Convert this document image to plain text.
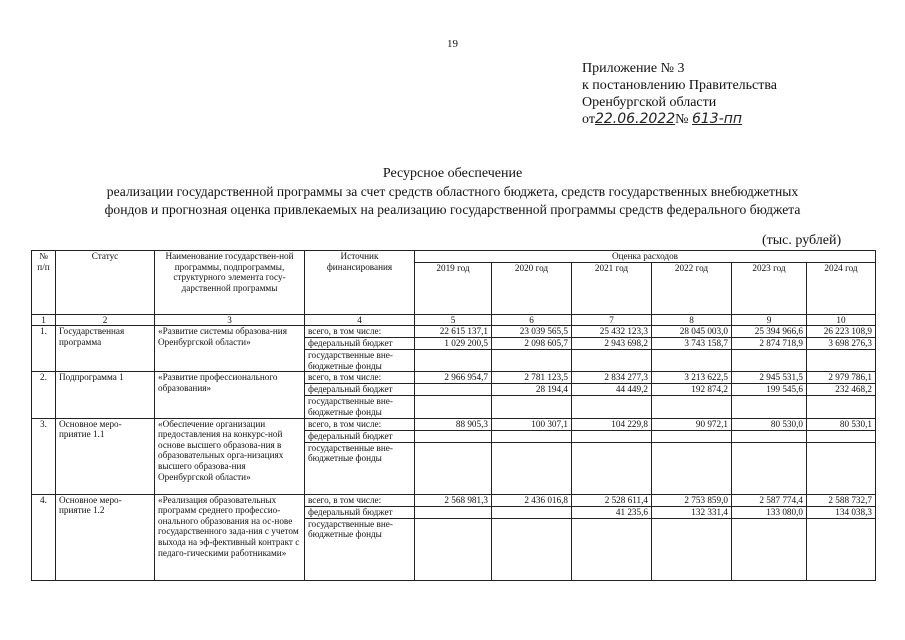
19
Приложение № 3
к постановлению Правительства
Оренбургской области
от22.06.2022№ 613-пп
Ресурсное обеспечение
реализации государственной программы за счет средств областного бюджета, средств государственных внебюджетных
фондов и прогнозная оценка привлекаемых на реализацию государственной программы средств федерального бюджета
(тыс. рублей)
№ п/п	Статус	Наименование государствен-ной программы, подпрограммы, структурного элемента госу-дарственной программы	Источник финансирования	Оценка расходов					
				2019 год	2020 год	2021 год	2022 год	2023 год	2024 год
1	2	3	4	5	6	7	8	9	10
1.	Государственная программа	«Развитие системы образова-ния Оренбургской области»	всего, в том числе:	22 615 137,1	23 039 565,5	25 432 123,3	28 045 003,0	25 394 966,6	26 223 108,9
			федеральный бюджет	1 029 200,5	2 098 605,7	2 943 698,2	3 743 158,7	2 874 718,9	3 698 276,3
			государственные вне-бюджетные фонды						
2.	Подпрограмма 1	«Развитие профессионального образования»	всего, в том числе:	2 966 954,7	2 781 123,5	2 834 277,3	3 213 622,5	2 945 531,5	2 979 786,1
			федеральный бюджет		28 194,4	44 449,2	192 874,2	199 545,6	232 468,2
			государственные вне-бюджетные фонды						
3.	Основное меро-приятие 1.1	«Обеспечение организации предоставления на конкурс-ной основе высшего образова-ния в образовательных орга-низациях высшего образова-ния Оренбургской области»	всего, в том числе:	88 905,3	100 307,1	104 229,8	90 972,1	80 530,0	80 530,1
			федеральный бюджет						
			государственные вне-бюджетные фонды						
4.	Основное меро-приятие 1.2	«Реализация образовательных программ среднего профессио-онального образования на ос-нове государственного зада-ния с учетом выхода на эф-фективный контракт с педаго-гическими работниками»	всего, в том числе:	2 568 981,3	2 436 016,8	2 528 611,4	2 753 859,0	2 587 774,4	2 588 732,7
			федеральный бюджет			41 235,6	132 331,4	133 080,0	134 038,3
			государственные вне-бюджетные фонды						
